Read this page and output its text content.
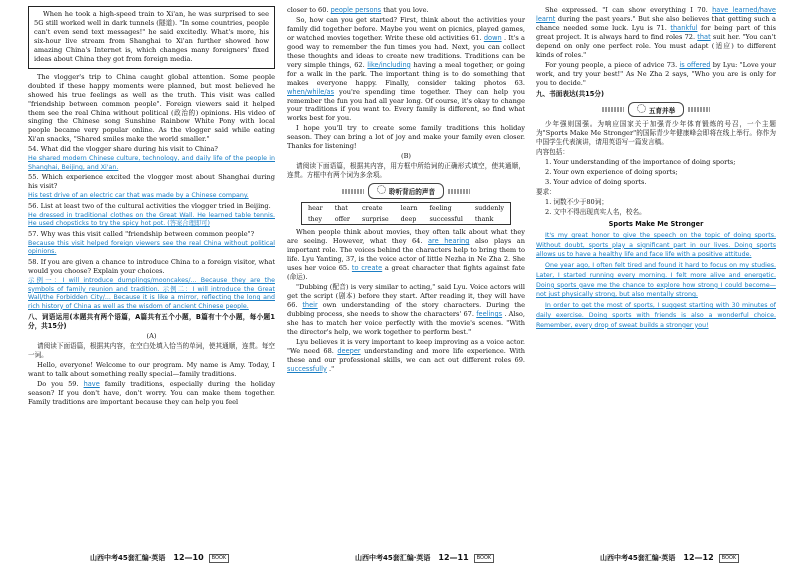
When he took a high-speed train to Xi'an, he was surprised to see 5G still worked well in dark tunnels (隧道). "In some countries, people can't even send text messages!" he said excitedly. What's more, his six-hour live stream from Shanghai to Xi'an further showed how amazing China's Internet is, which changes many foreigners' fixed ideas about China they got from foreign media.

The vlogger's trip to China caught global attention. Some people doubted if these happy moments were planned, but most believed he showed his true feelings as well as the truth. This visit was called "friendship between common people". Foreign viewers said it helped them see the real China without political (政治的) opinions. His video of singing the Chinese song Sunshine Rainbow White Pony with local people became very popular online. As the vlogger said while eating Xi'an snacks, "Shared smiles make the world smaller."

54. What did the vlogger share during his visit to China?

He shared modern Chinese culture, technology, and daily life of the people in Shanghai, Beijing, and Xi'an.

55. Which experience excited the vlogger most about Shanghai during his visit?

His test drive of an electric car that was made by a Chinese company.

56. List at least two of the cultural activities the vlogger tried in Beijing.

He dressed in traditional clothes on the Great Wall. He learned table tennis. He used chopsticks to try the spicy hot pot. (答案合理即可)

57. Why was this visit called "friendship between common people"?

Because this visit helped foreign viewers see the real China without political opinions.

58. If you are given a chance to introduce China to a foreign visitor, what would you choose? Explain your choices.

示例一：I will introduce dumplings/mooncakes/... Because they are the symbols of family reunion and tradition. 示例二：I will introduce the Great Wall/the Forbidden City/... Because it is like a mirror, reflecting the long and rich history of China as well as the wisdom of ancient Chinese people.

八、词语运用(本题共有两个语篇，A篇共有五个小题，B篇有十个小题，每小题1分，共15分)

(A)

请阅读下面语篇，根据其内容，在空白处填入恰当的单词，使其通顺，连贯。每空一词。

Hello, everyone! Welcome to our program. My name is Amy. Today, I want to talk about something really special—family traditions.

Do you 59. have family traditions, especially during the holiday season? If you don't have, don't worry. You can make them together. Family traditions are important because they can help you feel

closer to 60. people persons that you love.

So, how can you get started? First, think about the activities your family did together before. Maybe you went on picnics, played games, or watched movies together. Write these old activities 61. down . It's a good way to remember the fun times you had. Next, you can collect these thoughts and ideas to create new traditions. Traditions can be very simple things, 62. like/including having a meal together, or going for a walk in the park. The important thing is to do something that makes everyone happy. Finally, consider taking photos 63. when/while/as you're spending time together. They can help you remember the fun you had all year long. Of course, it's okay to change your traditions if you want to. Every family is different, so find what works best for you.

I hope you'll try to create some family traditions this holiday season. They can bring a lot of joy and make your family even closer. Thanks for listening!

(B)

请阅读下面语篇，根据其内容，用方框中所给词的正确形式填空，使其通顺，连贯。方框中有两个词为多余项。

聆听背后的声音
hear	that	create	learn	feeling	suddenly
they	offer	surprise	deep	successful	thank

When people think about movies, they often talk about what they are seeing. However, what they 64. are hearing also plays an important role. The voices behind the characters help to bring them to life. Lyu Yanting, 37, is the voice actor of little Nezha in Ne Zha 2. She uses her voice 65. to create a great character that fights against fate (命运).

"Dubbing (配音) is very similar to acting," said Lyu. Voice actors will get the script (剧本) before they start. After reading it, they will have 66. their own understanding of the story characters. During the dubbing process, she needs to show the characters' 67. feelings . Also, she has to match her voice perfectly with the movie's scenes. "With the director's help, we work together to perform best."

Lyu believes it is very important to keep improving as a voice actor. "We need 68. deeper understanding and more life experience. With these and our professional skills, we can act out different roles 69. successfully ."

She expressed. "I can show everything I 70. have learned/have learnt during the past years." But she also believes that getting such a chance needed some luck. Lyu is 71. thankful for being part of this great project. It is always hard to find roles 72. that suit her. "You can't depend on only one perfect role. You must adapt (适应) to different kinds of roles."

For young people, a piece of advice 73. is offered by Lyu: "Love your work, and try your best!" As Ne Zha 2 says, "Who you are is only for you to decide."

九、书面表达(共15分)

五育并举

少年强则国强。为响应国家关于加强青少年体育锻炼的号召，一个主题为"Sports Make Me Stronger"的国际青少年健康峰会即将在线上举行。你作为中国学生代表演讲，请用英语写一篇发言稿。

内容包括：

1. Your understanding of the importance of doing sports;

2. Your own experience of doing sports;

3. Your advice of doing sports.

要求：

1. 词数不少于80词；

2. 文中不得出现真实人名，校名。

Sports Make Me Stronger

It's my great honor to give the speech on the topic of doing sports. Without doubt, sports play a significant part in our lives. Doing sports allows us to have a healthy life and face life with a positive attitude.

One year ago, I often felt tired and found it hard to focus on my studies. Later, I started running every morning. I felt more alive and energetic. Doing sports gave me the chance to explore how strong I could become—not just physically strong, but also mentally strong.

In order to get the most of sports, I suggest starting with 30 minutes of daily exercise. Doing sports with friends is also a wonderful choice. Remember, every drop of sweat builds a stronger you!

山西中考45套汇编·英语 12—10	BOOK	山西中考45套汇编·英语 12—11	BOOK	山西中考45套汇编·英语 12—12	BOOK
